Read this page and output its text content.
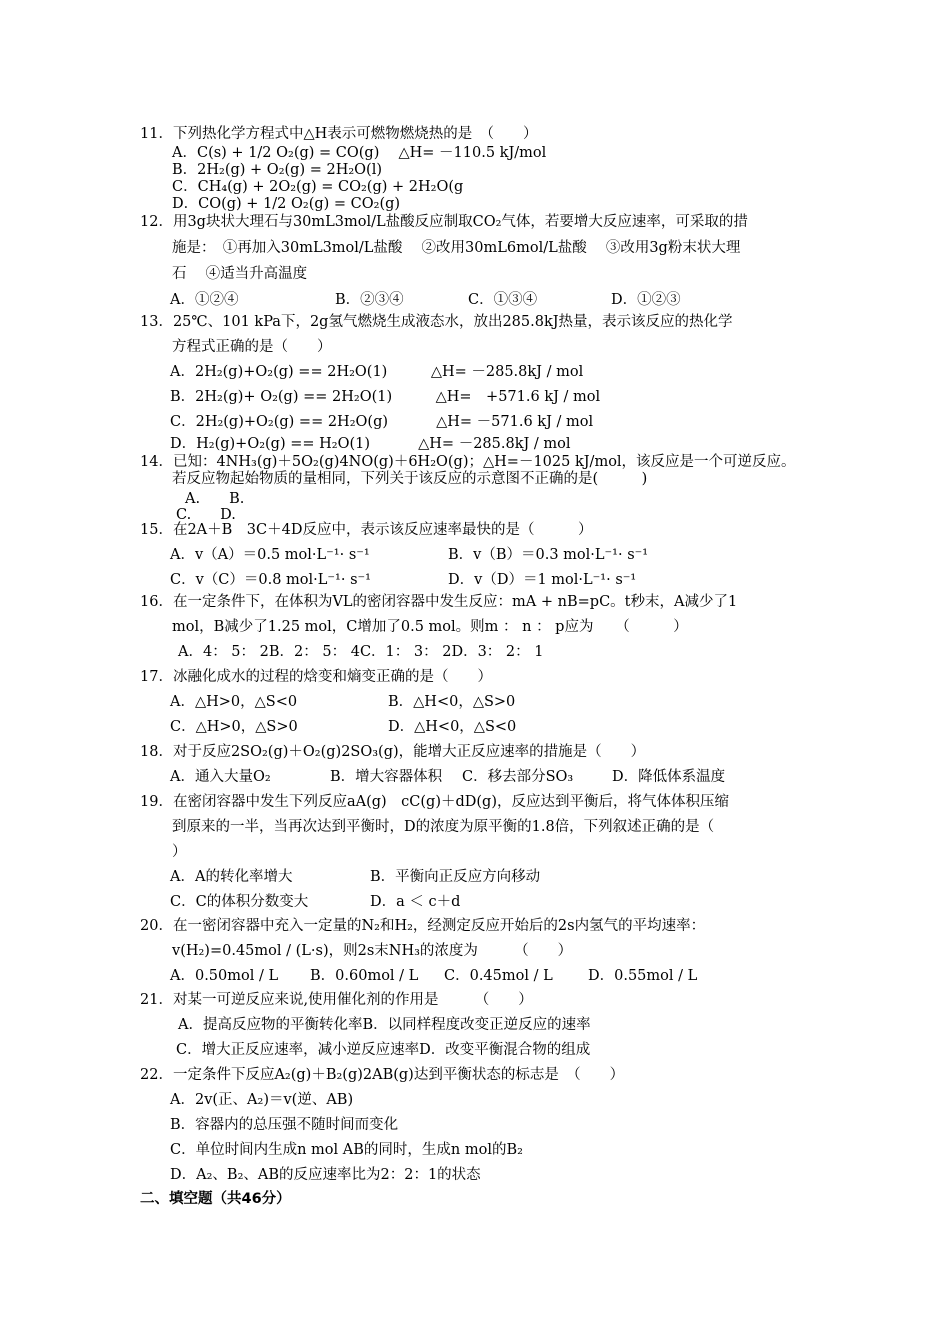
11．下列热化学方程式中△H表示可燃物燃烧热的是　（　　）
A．C(s) + 1/2 O₂(g) = CO(g)　 △H= －110.5 kJ/mol
B．2H₂(g) + O₂(g) = 2H₂O(l)
C．CH₄(g) + 2O₂(g) = CO₂(g) + 2H₂O(g
D．CO(g) + 1/2 O₂(g) = CO₂(g)
12．用3g块状大理石与30mL3mol/L盐酸反应制取CO₂气体，若要增大反应速率，可采取的措
施是：　①再加入30mL3mol/L盐酸　 ②改用30mL6mol/L盐酸　 ③改用3g粉末状大理
石　 ④适当升高温度
A．①②④	B．②③④	C．①③④	D．①②③
13．25℃、101 kPa下，2g氢气燃烧生成液态水，放出285.8kJ热量，表示该反应的热化学
方程式正确的是（　　）
A．2H₂(g)+O₂(g) == 2H₂O(1)　　　△H= －285.8kJ / mol
B．2H₂(g)+ O₂(g) == 2H₂O(1)　　　△H=　+571.6 kJ / mol
C．2H₂(g)+O₂(g) == 2H₂O(g)　　　 △H= －571.6 kJ / mol
D．H₂(g)+O₂(g) == H₂O(1)　　　 △H= －285.8kJ / mol
14．已知：4NH₃(g)＋5O₂(g)4NO(g)＋6H₂O(g)；△H=－1025 kJ/mol，该反应是一个可逆反应。
若反应物起始物质的量相同，下列关于该反应的示意图不正确的是(　　　)
A.　　B.
C.　　D.
15．在2A＋B　3C＋4D反应中，表示该反应速率最快的是（　　　）
A．v（A）＝0.5 mol·L⁻¹· s⁻¹	B．v（B）＝0.3 mol·L⁻¹· s⁻¹
C．v（C）＝0.8 mol·L⁻¹· s⁻¹	D．v（D）＝1 mol·L⁻¹· s⁻¹
16．在一定条件下，在体积为VL的密闭容器中发生反应：mA + nB=pC。t秒末，A减少了1
mol，B减少了1.25 mol，C增加了0.5 mol。则m ： n ： p应为　　（　　　）
A．4： 5： 2B．2： 5： 4C．1： 3： 2D．3： 2： 1
17．冰融化成水的过程的焓变和熵变正确的是（　　）
A．△H>0，△S<0	B．△H<0，△S>0
C．△H>0，△S>0	D．△H<0，△S<0
18．对于反应2SO₂(g)＋O₂(g)2SO₃(g)，能增大正反应速率的措施是（　　）
A．通入大量O₂	B．增大容器体积 C．移去部分SO₃	D．降低体系温度
19．在密闭容器中发生下列反应aA(g)　cC(g)＋dD(g)，反应达到平衡后，将气体体积压缩
到原来的一半，当再次达到平衡时，D的浓度为原平衡的1.8倍，下列叙述正确的是（
）
A．A的转化率增大	B．平衡向正反应方向移动
C．C的体积分数变大	D．a ＜ c＋d
20．在一密闭容器中充入一定量的N₂和H₂，经测定反应开始后的2s内氢气的平均速率：
v(H₂)=0.45mol / (L·s)，则2s末NH₃的浓度为　　　（　　）
A．0.50mol / L B．0.60mol / L C．0.45mol / L D．0.55mol / L
21．对某一可逆反应来说,使用催化剂的作用是　　　（　　）
A．提高反应物的平衡转化率B．以同样程度改变正逆反应的速率
C．增大正反应速率，减小逆反应速率D．改变平衡混合物的组成
22．一定条件下反应A₂(g)＋B₂(g)2AB(g)达到平衡状态的标志是　（　　）
A．2v(正、A₂)＝v(逆、AB)
B．容器内的总压强不随时间而变化
C．单位时间内生成n mol AB的同时，生成n mol的B₂
D．A₂、B₂、AB的反应速率比为2：2：1的状态
二、填空题（共46分）
